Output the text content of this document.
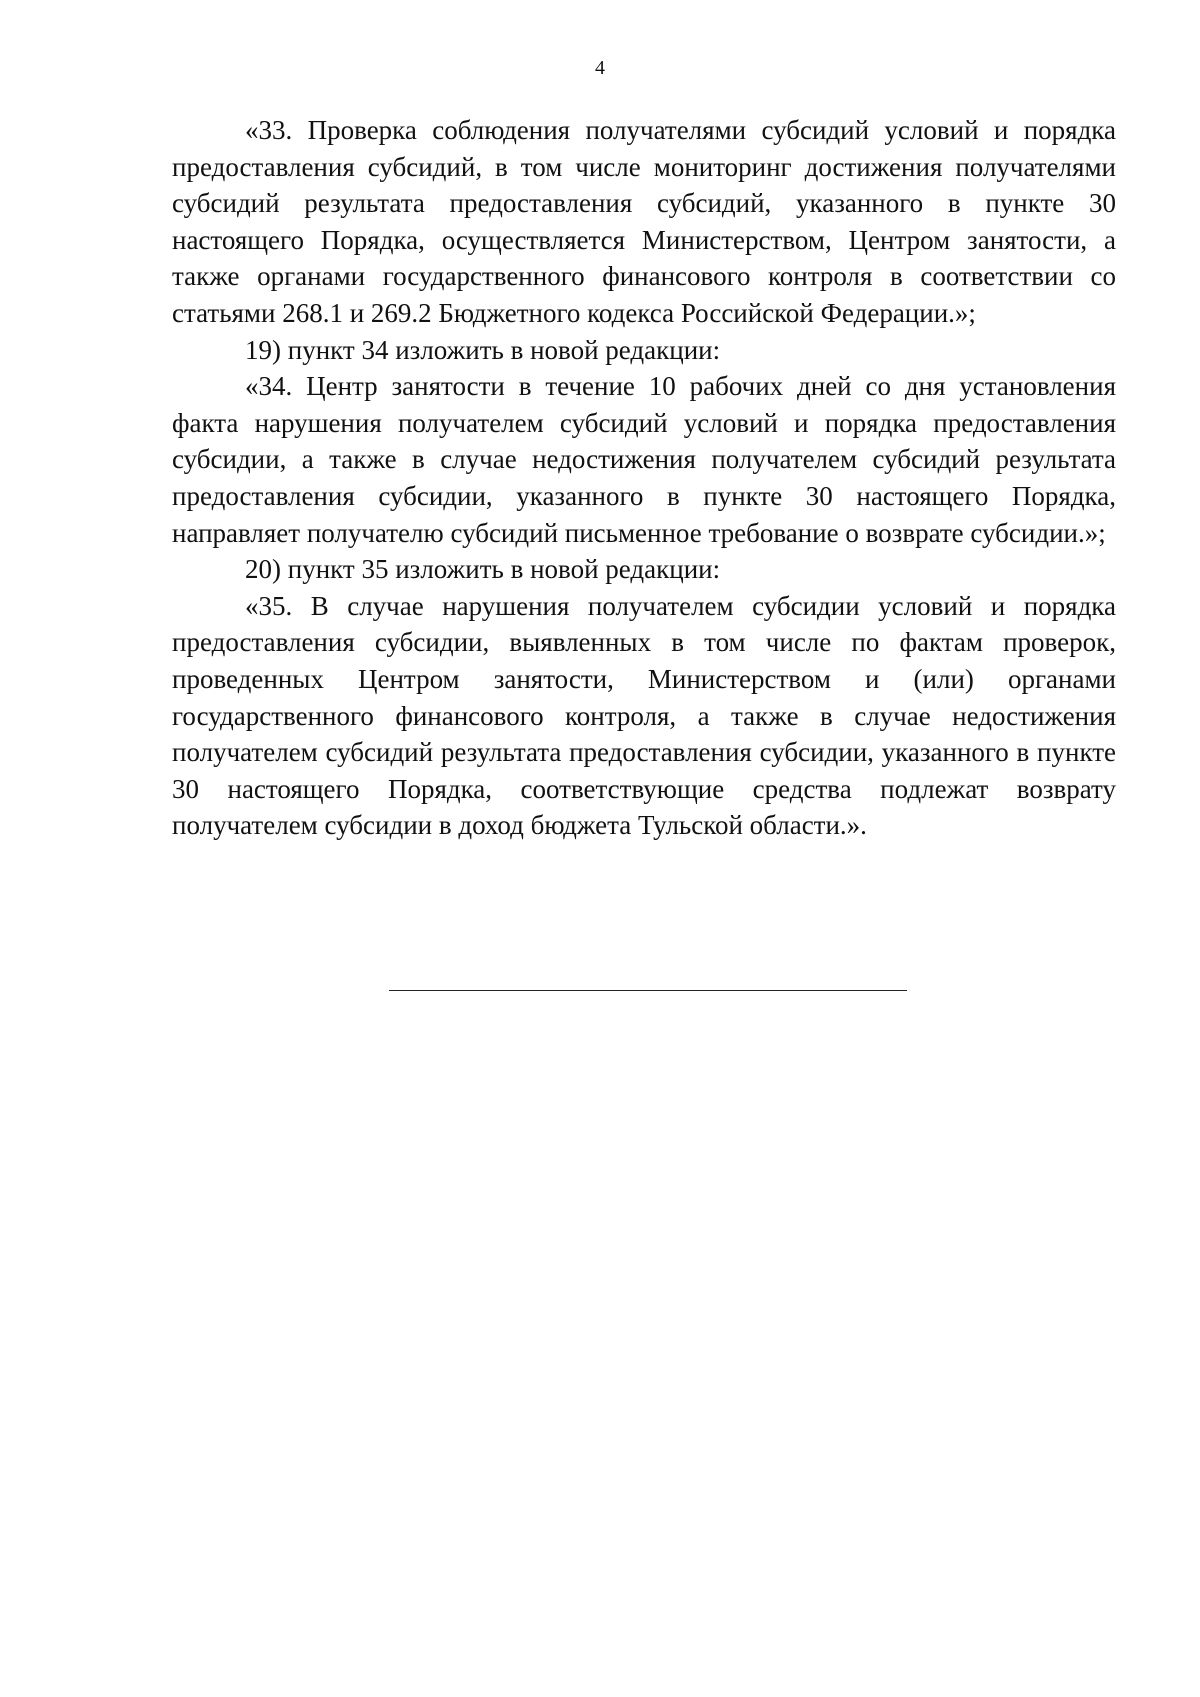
4

«33. Проверка соблюдения получателями субсидий условий и порядка предоставления субсидий, в том числе мониторинг достижения получателями субсидий результата предоставления субсидий, указанного в пункте 30 настоящего Порядка, осуществляется Министерством, Центром занятости, а также органами государственного финансового контроля в соответствии со статьями 268.1 и 269.2 Бюджетного кодекса Российской Федерации.»;

19) пункт 34 изложить в новой редакции:

«34. Центр занятости в течение 10 рабочих дней со дня установления факта нарушения получателем субсидий условий и порядка предоставления субсидии, а также в случае недостижения получателем субсидий результата предоставления субсидии, указанного в пункте 30 настоящего Порядка, направляет получателю субсидий письменное требование о возврате субсидии.»;

20) пункт 35 изложить в новой редакции:

«35. В случае нарушения получателем субсидии условий и порядка предоставления субсидии, выявленных в том числе по фактам проверок, проведенных Центром занятости, Министерством и (или) органами государственного финансового контроля, а также в случае недостижения получателем субсидий результата предоставления субсидии, указанного в пункте 30 настоящего Порядка, соответствующие средства подлежат возврату получателем субсидии в доход бюджета Тульской области.».
